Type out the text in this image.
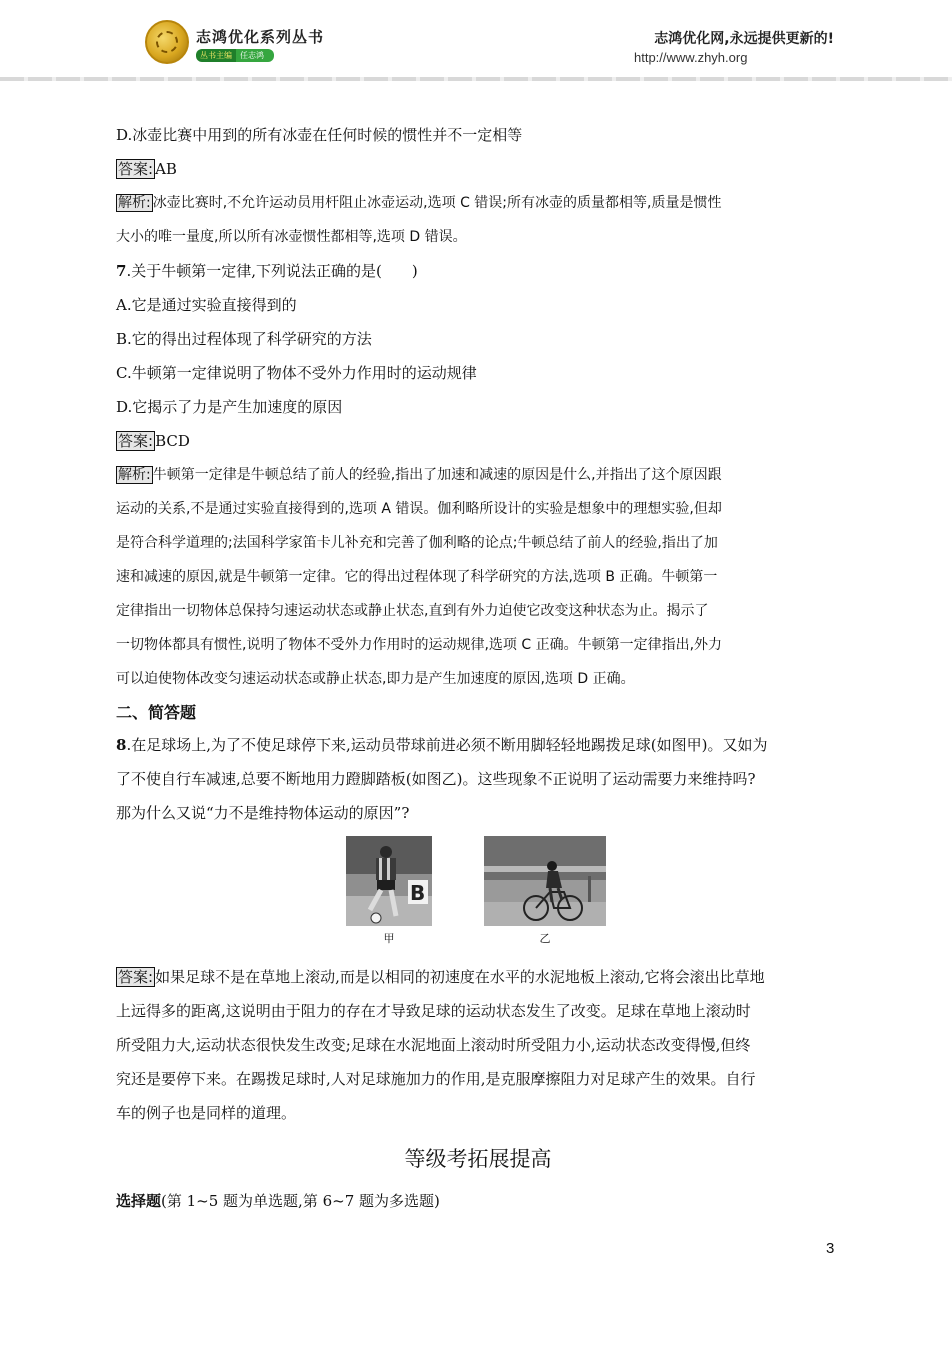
志鸿优化系列丛书
丛书主编	任志鸿
志鸿优化网,永远提供更新的!
http://www.zhyh.org

D.冰壶比赛中用到的所有冰壶在任何时候的惯性并不一定相等

答案: AB

解析: 冰壶比赛时,不允许运动员用杆阻止冰壶运动,选项 C 错误;所有冰壶的质量都相等,质量是惯性

大小的唯一量度,所以所有冰壶惯性都相等,选项 D 错误。

7.关于牛顿第一定律,下列说法正确的是(　　)

A.它是通过实验直接得到的

B.它的得出过程体现了科学研究的方法

C.牛顿第一定律说明了物体不受外力作用时的运动规律

D.它揭示了力是产生加速度的原因

答案: BCD

解析: 牛顿第一定律是牛顿总结了前人的经验,指出了加速和减速的原因是什么,并指出了这个原因跟

运动的关系,不是通过实验直接得到的,选项 A 错误。伽利略所设计的实验是想象中的理想实验,但却

是符合科学道理的;法国科学家笛卡儿补充和完善了伽利略的论点;牛顿总结了前人的经验,指出了加

速和减速的原因,就是牛顿第一定律。它的得出过程体现了科学研究的方法,选项 B 正确。牛顿第一

定律指出一切物体总保持匀速运动状态或静止状态,直到有外力迫使它改变这种状态为止。揭示了

一切物体都具有惯性,说明了物体不受外力作用时的运动规律,选项 C 正确。牛顿第一定律指出,外力

可以迫使物体改变匀速运动状态或静止状态,即力是产生加速度的原因,选项 D 正确。

二、简答题

8.在足球场上,为了不使足球停下来,运动员带球前进必须不断用脚轻轻地踢拨足球(如图甲)。又如为

了不使自行车减速,总要不断地用力蹬脚踏板(如图乙)。这些现象不正说明了运动需要力来维持吗?

那为什么又说“力不是维持物体运动的原因”?

B
甲	乙

答案: 如果足球不是在草地上滚动,而是以相同的初速度在水平的水泥地板上滚动,它将会滚出比草地

上远得多的距离,这说明由于阻力的存在才导致足球的运动状态发生了改变。足球在草地上滚动时

所受阻力大,运动状态很快发生改变;足球在水泥地面上滚动时所受阻力小,运动状态改变得慢,但终

究还是要停下来。在踢拨足球时,人对足球施加力的作用,是克服摩擦阻力对足球产生的效果。自行

车的例子也是同样的道理。

等级考拓展提高

选择题(第 1~5 题为单选题,第 6~7 题为多选题)

3
